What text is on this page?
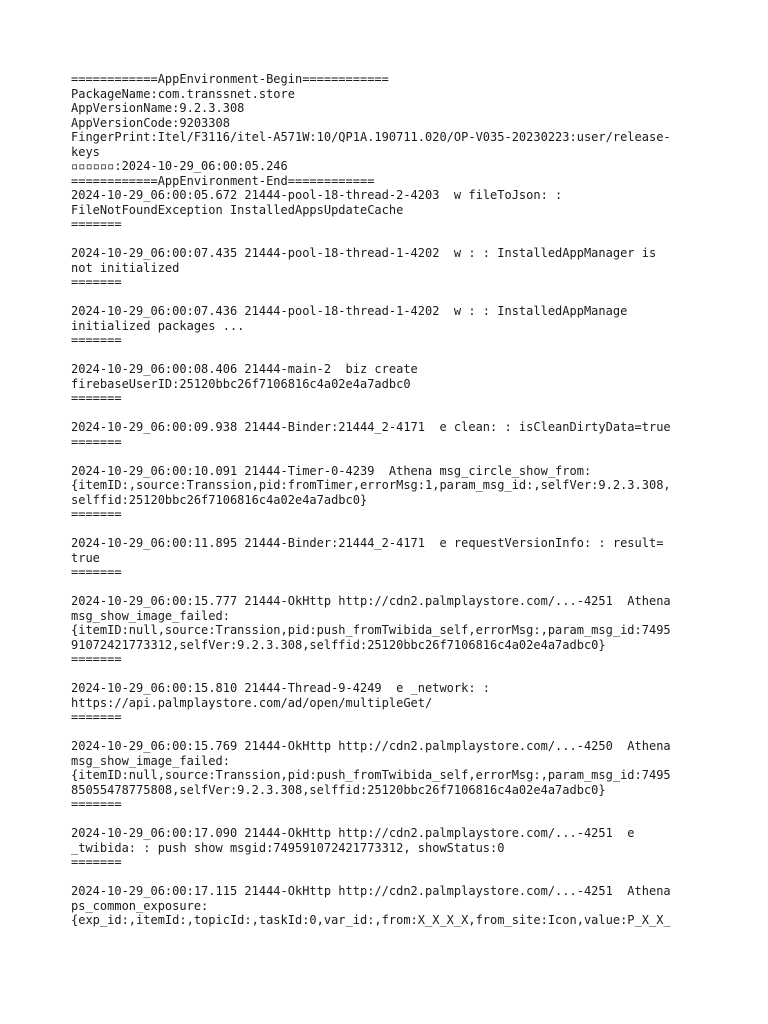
============AppEnvironment-Begin============
PackageName:com.transsnet.store
AppVersionName:9.2.3.308
AppVersionCode:9203308
FingerPrint:Itel/F3116/itel-A571W:10/QP1A.190711.020/OP-V035-20230223:user/release-
keys
▫▫▫▫▫▫:2024-10-29_06:00:05.246
============AppEnvironment-End============
2024-10-29_06:00:05.672 21444-pool-18-thread-2-4203  w fileToJson: :
FileNotFoundException InstalledAppsUpdateCache
=======
2024-10-29_06:00:07.435 21444-pool-18-thread-1-4202  w : : InstalledAppManager is
not initialized
=======
2024-10-29_06:00:07.436 21444-pool-18-thread-1-4202  w : : InstalledAppManage
initialized packages ...
=======
2024-10-29_06:00:08.406 21444-main-2  biz create
firebaseUserID:25120bbc26f7106816c4a02e4a7adbc0
=======
2024-10-29_06:00:09.938 21444-Binder:21444_2-4171  e clean: : isCleanDirtyData=true
=======
2024-10-29_06:00:10.091 21444-Timer-0-4239  Athena msg_circle_show_from:
{itemID:,source:Transsion,pid:fromTimer,errorMsg:1,param_msg_id:,selfVer:9.2.3.308,
selffid:25120bbc26f7106816c4a02e4a7adbc0}
=======
2024-10-29_06:00:11.895 21444-Binder:21444_2-4171  e requestVersionInfo: : result=
true
=======
2024-10-29_06:00:15.777 21444-OkHttp http://cdn2.palmplaystore.com/...-4251  Athena
msg_show_image_failed:
{itemID:null,source:Transsion,pid:push_fromTwibida_self,errorMsg:,param_msg_id:7495
91072421773312,selfVer:9.2.3.308,selffid:25120bbc26f7106816c4a02e4a7adbc0}
=======
2024-10-29_06:00:15.810 21444-Thread-9-4249  e _network: :
https://api.palmplaystore.com/ad/open/multipleGet/
=======
2024-10-29_06:00:15.769 21444-OkHttp http://cdn2.palmplaystore.com/...-4250  Athena
msg_show_image_failed:
{itemID:null,source:Transsion,pid:push_fromTwibida_self,errorMsg:,param_msg_id:7495
85055478775808,selfVer:9.2.3.308,selffid:25120bbc26f7106816c4a02e4a7adbc0}
=======
2024-10-29_06:00:17.090 21444-OkHttp http://cdn2.palmplaystore.com/...-4251  e
_twibida: : push show msgid:749591072421773312, showStatus:0
=======
2024-10-29_06:00:17.115 21444-OkHttp http://cdn2.palmplaystore.com/...-4251  Athena
ps_common_exposure:
{exp_id:,itemId:,topicId:,taskId:0,var_id:,from:X_X_X_X,from_site:Icon,value:P_X_X_
